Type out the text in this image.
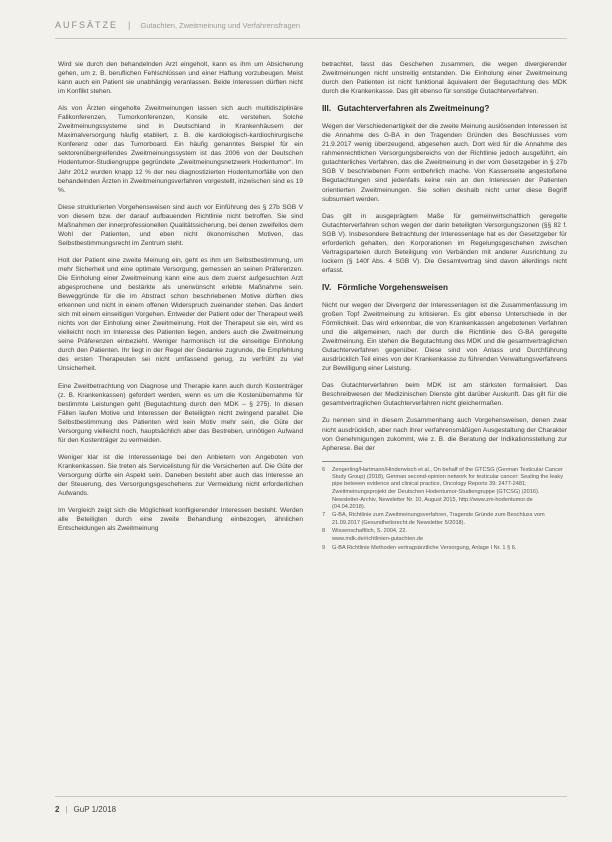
AUFSÄTZE | Gutachten, Zweitmeinung und Verfahrensfragen

Wird sie durch den behandelnden Arzt eingeholt, kann es ihm um Absicherung gehen, um z. B. beruflichen Fehlschlüssen und einer Haftung vorzubeugen. Meist kann auch ein Patient sie unabhängig veranlassen. Beide Interessen dürften nicht im Konflikt stehen.

Als von Ärzten eingeholte Zweitmeinungen lassen sich auch multidisziplinäre Fallkonferenzen, Tumorkonferenzen, Konsile etc. verstehen. Solche Zweitmeinungssysteme sind in Deutschland in Krankenhäusern der Maximalversorgung häufig etabliert, z. B. die kardiologisch-kardiochirurgische Konferenz oder das Tumorboard. Ein häufig genanntes Beispiel für ein sektorenübergreifendes Zweitmeinungssystem ist das 2006 von der Deutschen Hodentumor-Studiengruppe gegründete „Zweitmeinungsnetzwerk Hodentumor“. Im Jahr 2012 wurden knapp 12 % der neu diagnostizierten Hodentumorfälle von den behandelnden Ärzten in Zweitmeinungsverfahren vorgestellt, inzwischen sind es 19 %.

Diese strukturierten Vorgehensweisen sind auch vor Einführung des § 27b SGB V von diesem bzw. der darauf aufbauenden Richtlinie nicht betroffen. Sie sind Maßnahmen der innerprofessionellen Qualitätssicherung, bei denen zweifellos dem Wohl der Patienten, und eben nicht ökonomischen Motiven, das Selbstbestimmungsrecht im Zentrum steht.

Holt der Patient eine zweite Meinung ein, geht es ihm um Selbstbestimmung, um mehr Sicherheit und eine optimale Versorgung, gemessen an seinen Präferenzen. Die Einholung einer Zweitmeinung kann eine aus dem zuerst aufgesuchten Arzt abgesprochene und bestärkte als unerwünscht erlebte Maßnahme sein. Beweggründe für die im Abstract schon beschriebenen Motive dürften dies erkennen und nicht in einem offenen Widerspruch zueinander stehen. Das ändert sich mit einem einseitigen Vorgehen. Entweder der Patient oder der Therapeut weiß nichts von der Einholung einer Zweitmeinung. Holt der Therapeut sie ein, wird es vielleicht noch im Interesse des Patienten liegen, anders auch die Zweitmeinung seine Präferenzen einbezieht. Weniger harmonisch ist die einseitige Einholung durch den Patienten. Ihr liegt in der Regel der Gedanke zugrunde, die Empfehlung des ersten Therapeuten sei nicht umfassend genug, zu verfrüht zu viel Unsicherheit.

Eine Zweitbetrachtung von Diagnose und Therapie kann auch durch Kostenträger (z. B. Krankenkassen) gefordert werden, wenn es um die Kostenübernahme für bestimmte Leistungen geht (Begutachtung durch den MDK – § 275). In diesen Fällen laufen Motive und Interessen der Beteiligten nicht zwingend parallel. Die Selbstbestimmung des Patienten wird kein Motiv mehr sein, die Güte der Versorgung vielleicht noch, hauptsächlich aber das Bestreben, unnötigen Aufwand für den Kostenträger zu vermeiden.

Weniger klar ist die Interessenlage bei den Anbietern von Angeboten von Krankenkassen. Sie treten als Servicelistung für die Versicherten auf. Die Güte der Versorgung dürfte ein Aspekt sein. Daneben besteht aber auch das Interesse an der Steuerung, des Versorgungsgeschehens zur Vermeidung nicht erforderlichen Aufwands.

Im Vergleich zeigt sich die Möglichkeit konfligierender Interessen besteht. Werden alle Beteiligten durch eine zweite Behandlung einbezogen, ähnlichen Entscheidungen als Zweitmeinung

betrachtet, fasst das Geschehen zusammen, die wegen divergierender Zweitmeinungen nicht unstreitig entstanden. Die Einholung einer Zweitmeinung durch den Patienten ist nicht funktional äquivalent der Begutachtung des MDK durch die Krankenkasse. Das gilt ebenso für sonstige Gutachterverfahren.

III. Gutachterverfahren als Zweitmeinung?

Wegen der Verschiedenartigkeit der die zweite Meinung auslösenden Interessen ist die Annahme des G-BA in den Tragenden Gründen des Beschlusses vom 21.9.2017 wenig überzeugend, abgesehen auch. Dort wird für die Annahme des rahmenrechtlichen Versorgungsbereichs von der Richtlinie jedoch ausgeführt, ein gutachterliches Verfahren, das die Zweitmeinung in der vom Gesetzgeber in § 27b SGB V beschriebenen Form entbehrlich mache. Von Kassenseite angestoßene Begutachtungen sind jedenfalls keine rein an den Interessen der Patienten orientierten Zweitmeinungen. Sie sollen deshalb nicht unter diese Begriff subsumiert werden.

Das gilt in ausgeprägtem Maße für gemeinwirtschaftlich geregelte Gutachterverfahren schon wegen der darin beteiligten Versorgungszonen (§§ 82 f. SGB V). Insbesondere Betrachtung der Interessenlage hat es der Gesetzgeber für erforderlich gehalten, den Korporationen im Regelungsgeschehen zwischen Vertragsparteien durch Beteiligung von Verbänden mit anderer Ausrichtung zu lockern (§ 140f Abs. 4 SGB V). Die Gesamtvertrag sind davon allerdings nicht erfasst.

IV. Förmliche Vorgehensweisen

Nicht nur wegen der Divergenz der Interessenlagen ist die Zusammenfassung im großen Topf Zweitmeinung zu kritisieren. Es gibt ebenso Unterschiede in der Förmlichkeit. Das wird erkennbar, die von Krankenkassen angebotenen Verfahren und die allgemeinen, nach der durch die Richtlinie des G-BA geregelte Zweitmeinung. Ein stehen die Begutachtung des MDK und die gesamtvertraglichen Gutachterverfahren gegenüber. Diese sind von Anlass und Durchführung ausdrücklich Teil eines von der Krankenkasse zu führenden Verwaltungsverfahrens zur Bewilligung einer Leistung.

Das Gutachterverfahren beim MDK ist am stärksten formalisiert. Das Beschreibwesen der Medizinischen Dienste gibt darüber Auskunft. Das gilt für die gesamtvertraglichen Gutachterverfahren nicht gleichermaßen.

Zu nennen sind in diesem Zusammenhang auch Vorgehensweisen, denen zwar nicht ausdrücklich, aber nach ihrer verfahrensmäßigen Ausgestaltung der Charakter von Genehmigungen zukommt, wie z. B. die Beratung der Indikationsstellung zur Apherese. Bei der

6	Zengerling/Hartmann/Hinderwisch et al., On behalf of the GTCSG (German Testicular Cancer Study Group) (2018), German second-opinion network for testicular cancer: Sealing the leaky pipe between evidence and clinical practice, Oncology Reports 39: 2477-2481; Zweitmeinungsprojekt der Deutschen Hodentumor-Studiengruppe (GTCSG) (2016).
Newsletter-Archiv, Newsletter Nr. 10, August 2015, http://www.zm-hodentumor.de (04.04.2018).
7	G-BA, Richtlinie zum Zweitmeinungsverfahren, Tragende Gründe zum Beschluss vom 21.09.2017 (Gesundheitsrecht.de Newsletter 5/2018).
8	Wissenschaftlich, S. 2004, 22.
www.mdk.de/richtlinien-gutachten.de
9	G-BA Richtlinie Methoden vertragsärztliche Versorgung, Anlage I Nr. 1 § 6.
2 | GuP 1/2018
